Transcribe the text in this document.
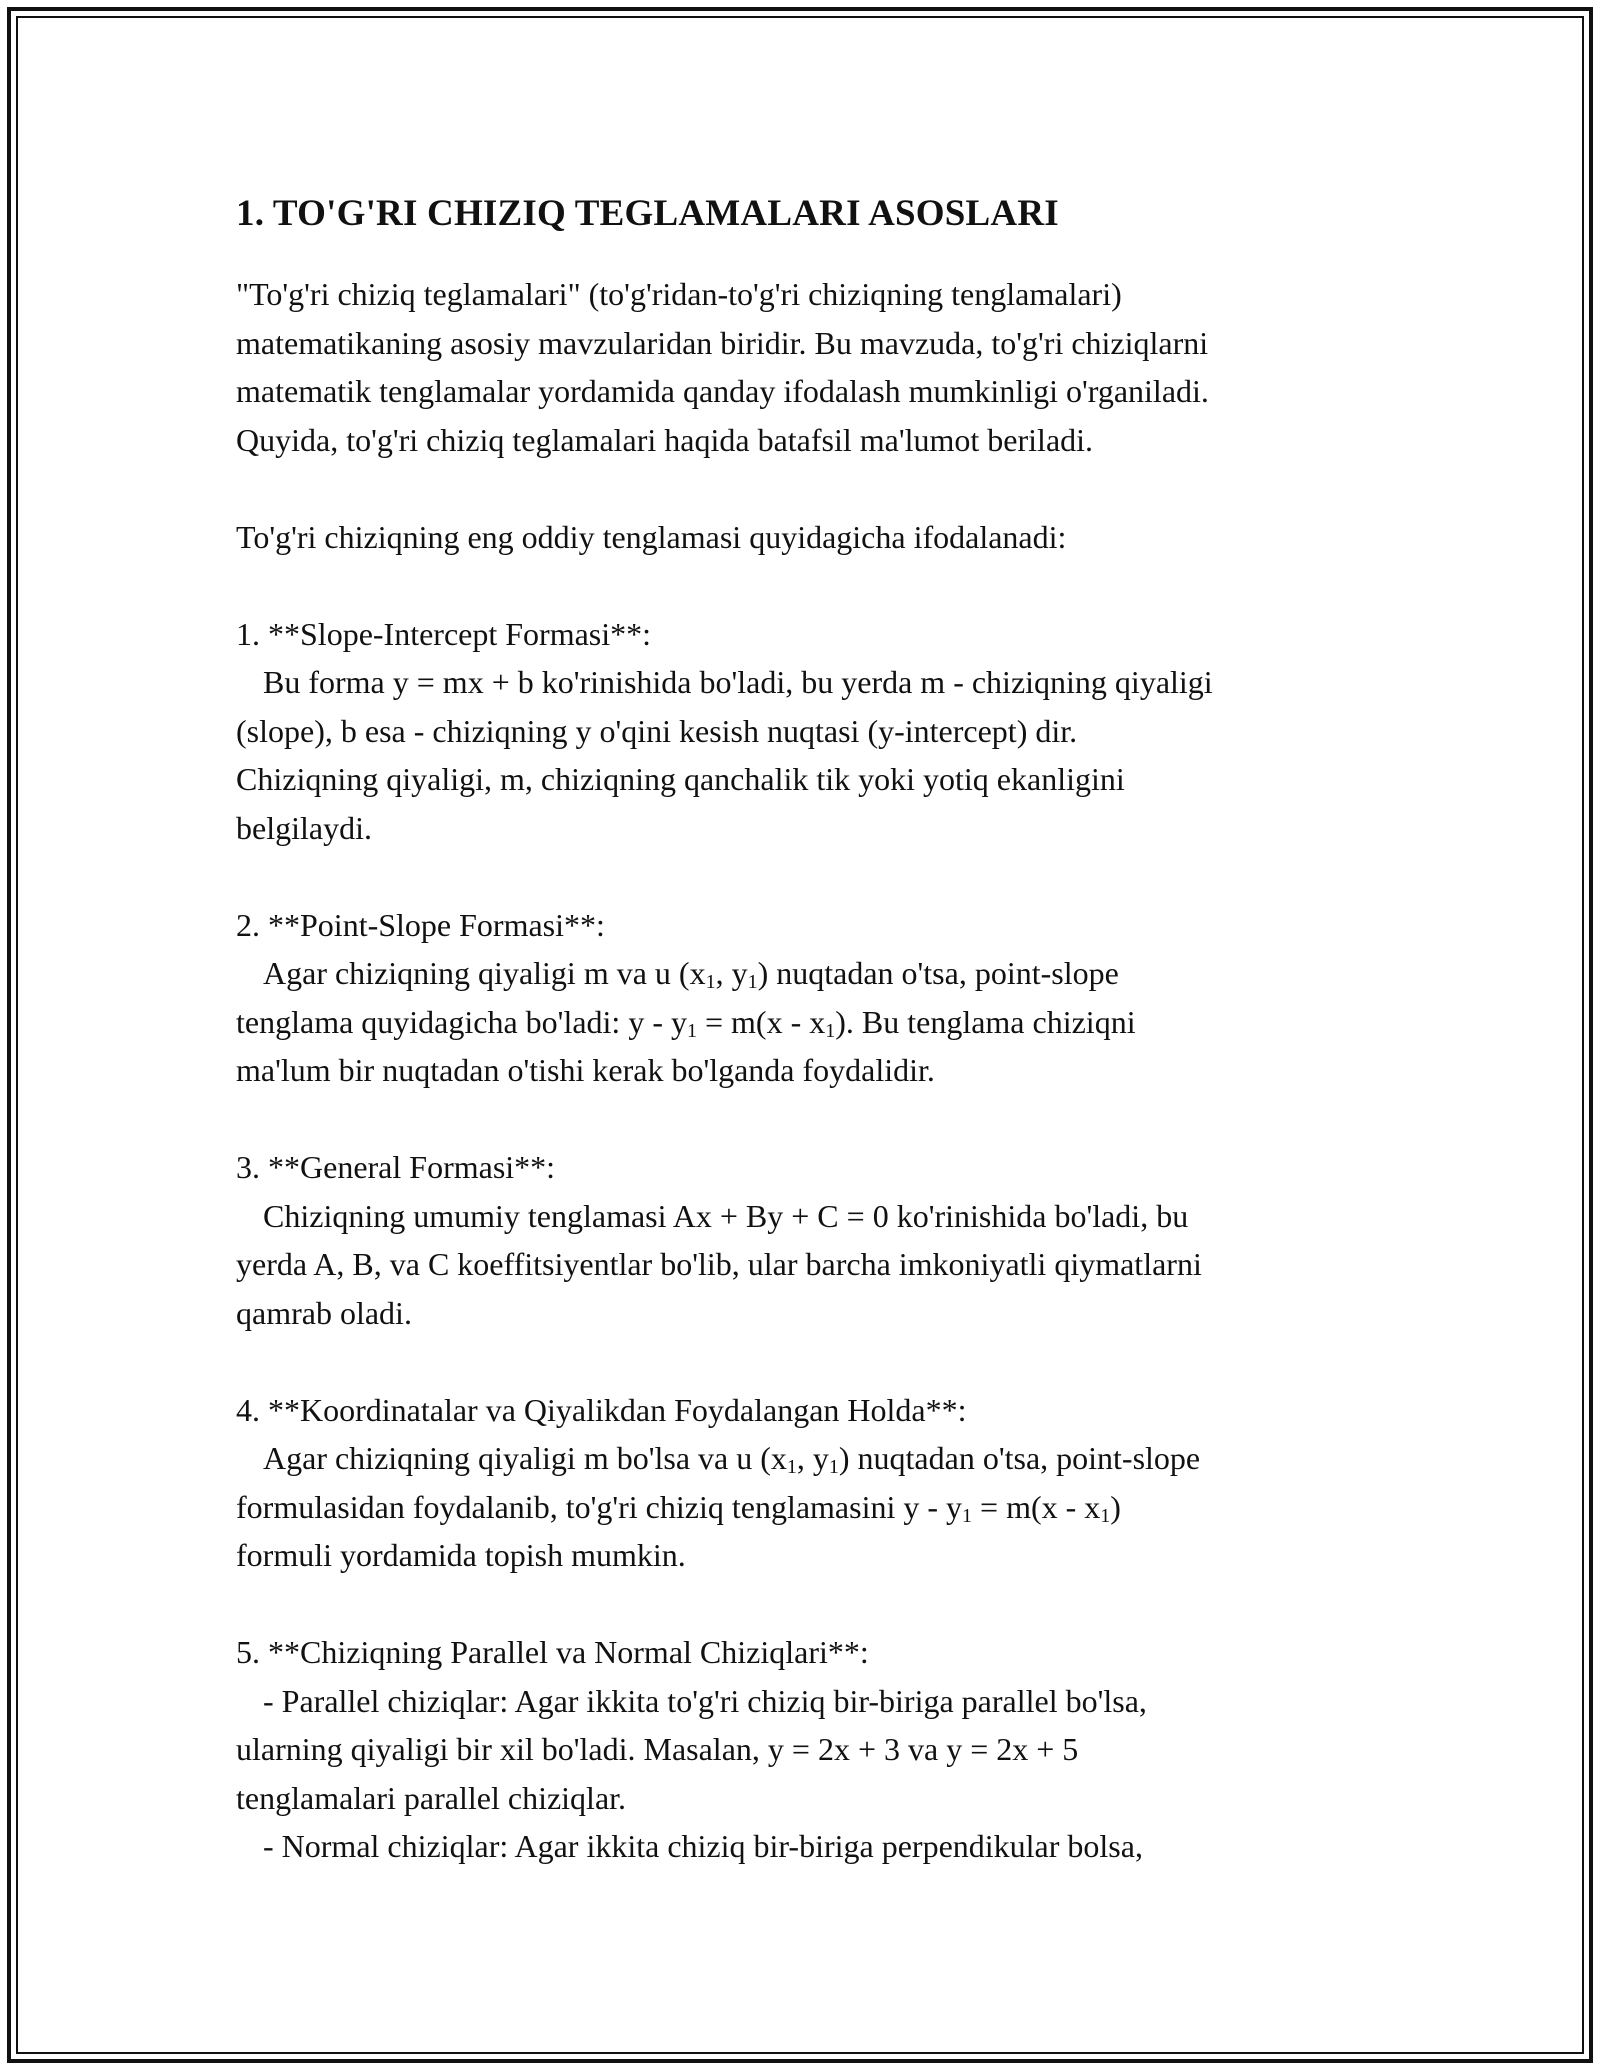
1. TO'G'RI CHIZIQ TEGLAMALARI ASOSLARI

"To'g'ri chiziq teglamalari" (to'g'ridan-to'g'ri chiziqning tenglamalari)

matematikaning asosiy mavzularidan biridir. Bu mavzuda, to'g'ri chiziqlarni

matematik tenglamalar yordamida qanday ifodalash mumkinligi o'rganiladi.

Quyida, to'g'ri chiziq teglamalari haqida batafsil ma'lumot beriladi.

To'g'ri chiziqning eng oddiy tenglamasi quyidagicha ifodalanadi:

1. **Slope-Intercept Formasi**:

Bu forma y = mx + b ko'rinishida bo'ladi, bu yerda m - chiziqning qiyaligi

(slope), b esa - chiziqning y o'qini kesish nuqtasi (y-intercept) dir.

Chiziqning qiyaligi, m, chiziqning qanchalik tik yoki yotiq ekanligini

belgilaydi.

2. **Point-Slope Formasi**:

Agar chiziqning qiyaligi m va u ($x_1$, $y_1$) nuqtadan o'tsa, point-slope

tenglama quyidagicha bo'ladi: $y - y_1 = m(x - x_1)$. Bu tenglama chiziqni

ma'lum bir nuqtadan o'tishi kerak bo'lganda foydalidir.

3. **General Formasi**:

Chiziqning umumiy tenglamasi Ax + By + C = 0 ko'rinishida bo'ladi, bu

yerda A, B, va C koeffitsiyentlar bo'lib, ular barcha imkoniyatli qiymatlarni

qamrab oladi.

4. **Koordinatalar va Qiyalikdan Foydalangan Holda**:

Agar chiziqning qiyaligi m bo'lsa va u ($x_1$, $y_1$) nuqtadan o'tsa, point-slope

formulasidan foydalanib, to'g'ri chiziq tenglamasini $y - y_1 = m(x - x_1)$

formuli yordamida topish mumkin.

5. **Chiziqning Parallel va Normal Chiziqlari**:

- Parallel chiziqlar: Agar ikkita to'g'ri chiziq bir-biriga parallel bo'lsa,

ularning qiyaligi bir xil bo'ladi. Masalan, y = 2x + 3 va y = 2x + 5

tenglamalari parallel chiziqlar.

- Normal chiziqlar: Agar ikkita chiziq bir-biriga perpendikular bolsa,
